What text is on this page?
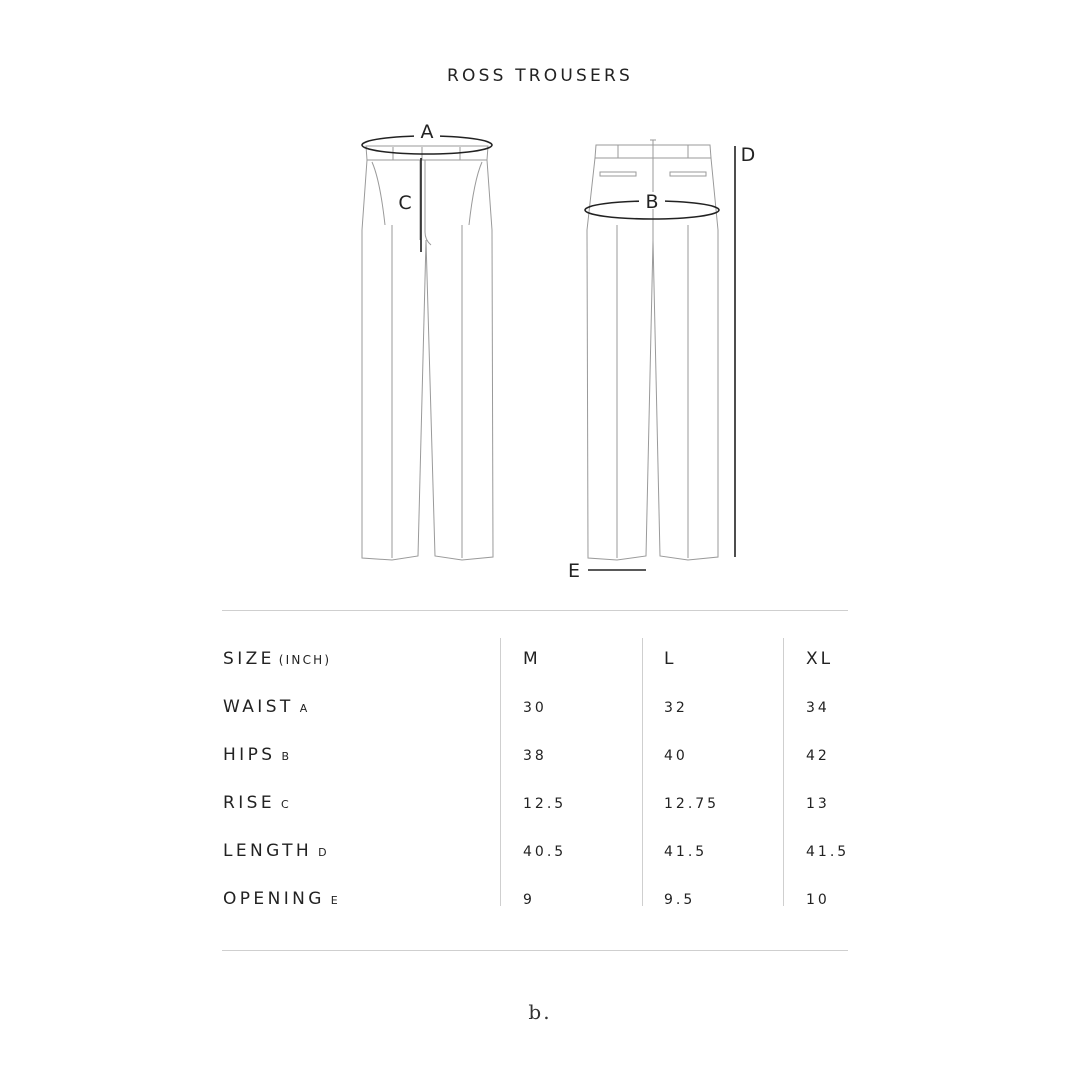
ROSS TROUSERS
A
C	B
D
E
SIZE (INCH)	M	L	XL
WAIST A	30	32	34
HIPS B	38	40	42
RISE C	12.5	12.75	13
LENGTH D	40.5	41.5	41.5
OPENING E	9	9.5	10
b.
